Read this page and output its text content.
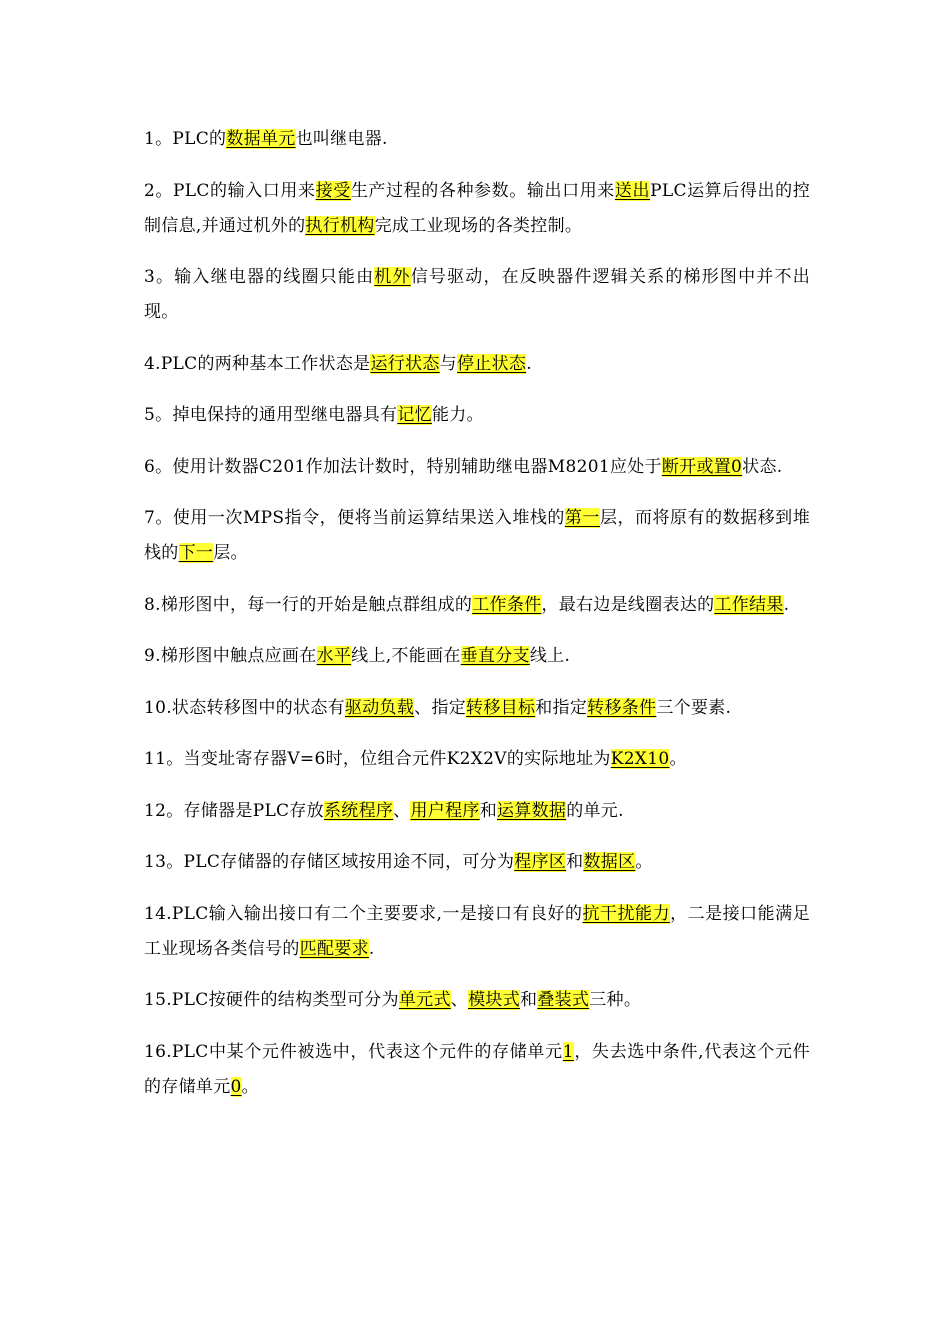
1。PLC的数据单元也叫继电器.

2。PLC的输入口用来接受生产过程的各种参数。输出口用来送出PLC运算后得出的控制信息,并通过机外的执行机构完成工业现场的各类控制。

3。输入继电器的线圈只能由机外信号驱动，在反映器件逻辑关系的梯形图中并不出现。

4.PLC的两种基本工作状态是运行状态与停止状态.

5。掉电保持的通用型继电器具有记忆能力。

6。使用计数器C201作加法计数时，特别辅助继电器M8201应处于断开或置0状态.

7。使用一次MPS指令，便将当前运算结果送入堆栈的第一层，而将原有的数据移到堆栈的下一层。

8.梯形图中，每一行的开始是触点群组成的工作条件，最右边是线圈表达的工作结果.

9.梯形图中触点应画在水平线上,不能画在垂直分支线上.

10.状态转移图中的状态有驱动负载、指定转移目标和指定转移条件三个要素.

11。当变址寄存器V=6时，位组合元件K2X2V的实际地址为K2X10。

12。存储器是PLC存放系统程序、用户程序和运算数据的单元.

13。PLC存储器的存储区域按用途不同，可分为程序区和数据区。

14.PLC输入输出接口有二个主要要求,一是接口有良好的抗干扰能力，二是接口能满足工业现场各类信号的匹配要求.

15.PLC按硬件的结构类型可分为单元式、模块式和叠装式三种。

16.PLC中某个元件被选中，代表这个元件的存储单元1，失去选中条件,代表这个元件的存储单元0。
